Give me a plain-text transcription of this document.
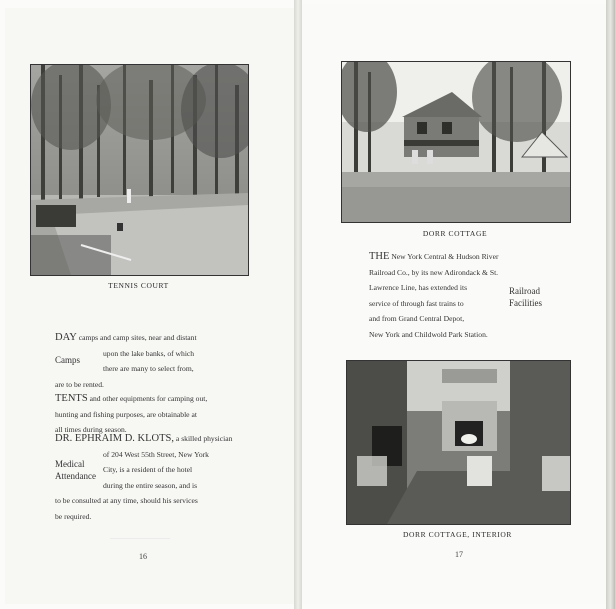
TENNIS COURT
DAY camps and camp sites, near and distant
upon the lake banks, of which
there are many to select from,
are to be rented.
Camps
TENTS and other equipments for camping out,
hunting and fishing purposes, are obtainable at
all times during season.
DR. EPHRAIM D. KLOTS, a skilled physician
of 204 West 55th Street, New York
City, is a resident of the hotel
during the entire season, and is
to be consulted at any time, should his services
be required.
Medical
Attendance
16
DORR COTTAGE
THE New York Central & Hudson River
Railroad Co., by its new Adirondack & St.
Lawrence Line, has extended its
service of through fast trains to
and from Grand Central Depot,
New York and Childwold Park Station.
Railroad
Facilities
DORR COTTAGE, INTERIOR
17
